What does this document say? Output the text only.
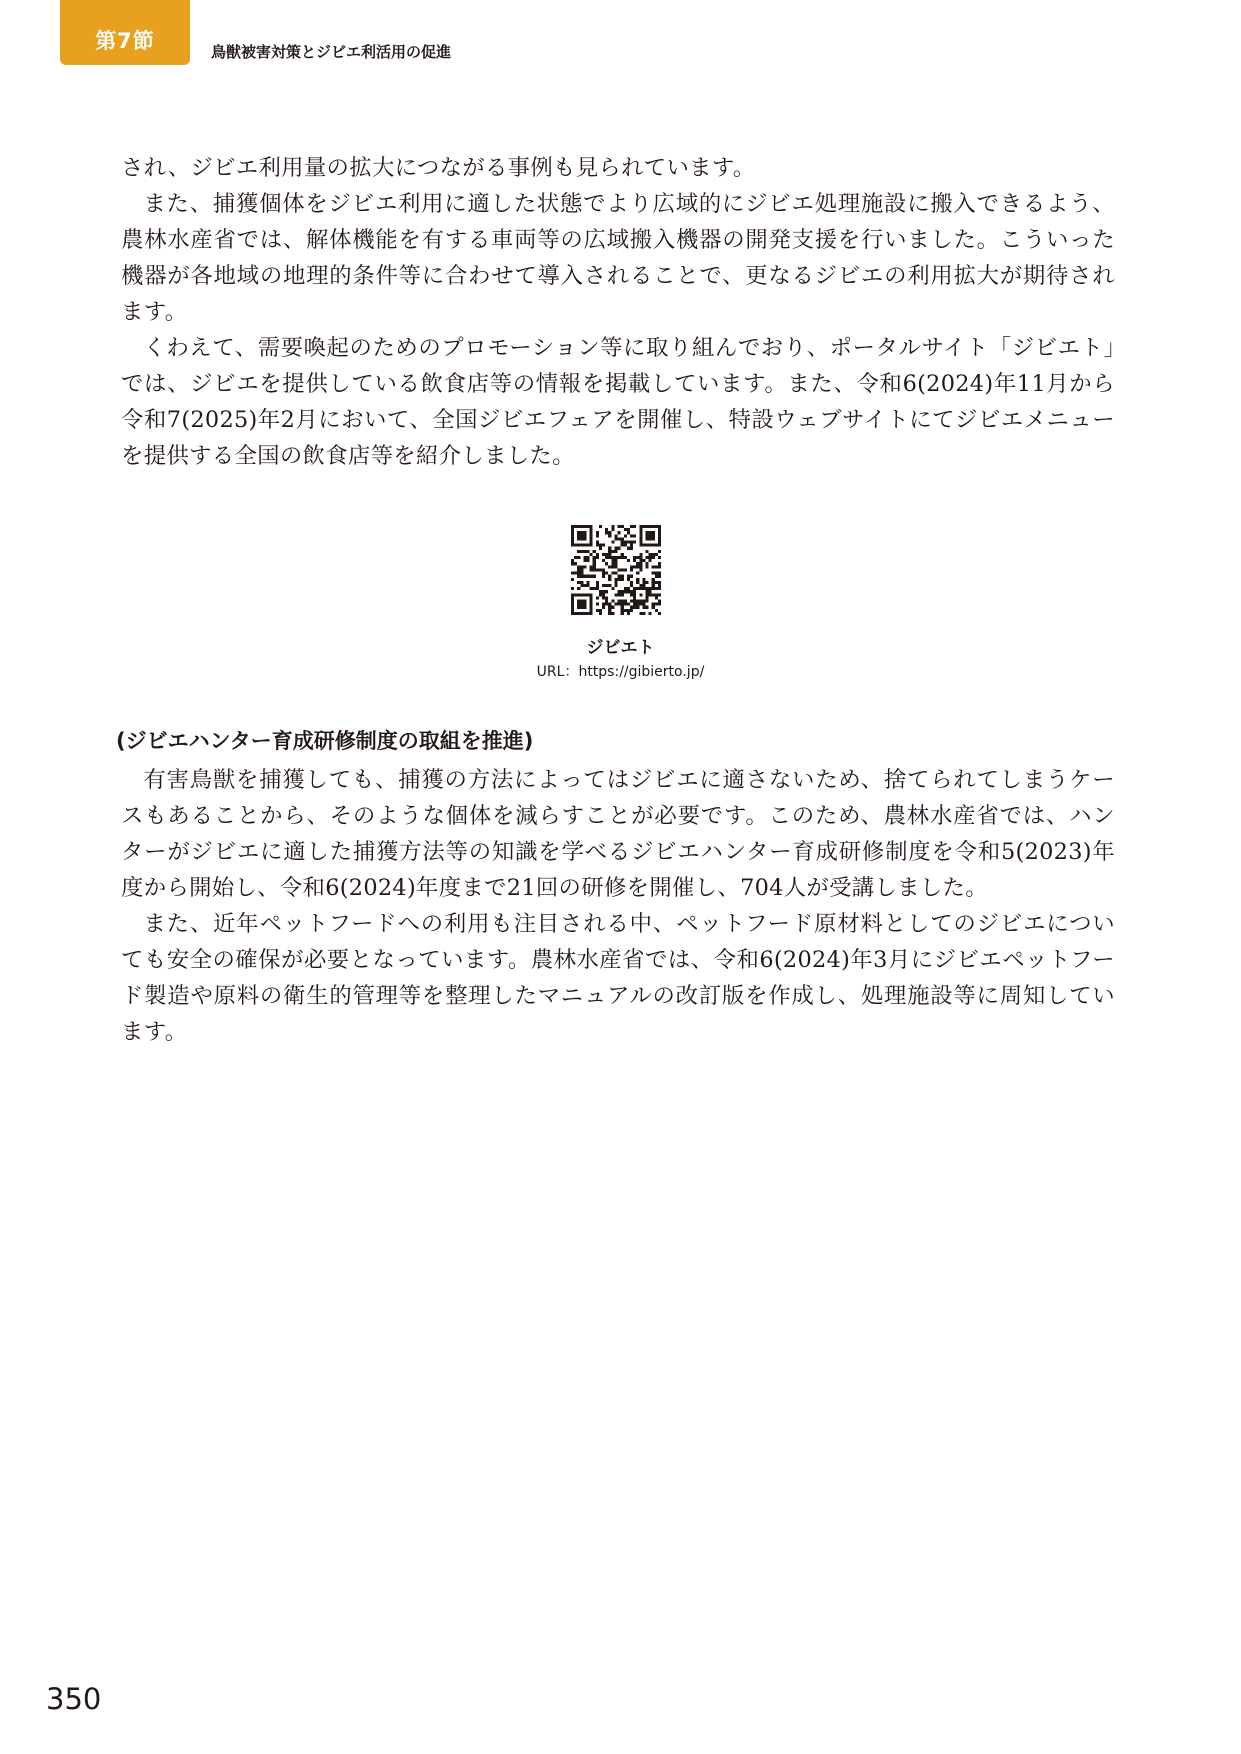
第7節	鳥獣被害対策とジビエ利活用の促進

され、ジビエ利用量の拡大につながる事例も見られています。

また、捕獲個体をジビエ利用に適した状態でより広域的にジビエ処理施設に搬入できるよう、農林水産省では、解体機能を有する車両等の広域搬入機器の開発支援を行いました。こういった機器が各地域の地理的条件等に合わせて導入されることで、更なるジビエの利用拡大が期待されます。

くわえて、需要喚起のためのプロモーション等に取り組んでおり、ポータルサイト「ジビエト」では、ジビエを提供している飲食店等の情報を掲載しています。また、令和6(2024)年11月から令和7(2025)年2月において、全国ジビエフェアを開催し、特設ウェブサイトにてジビエメニューを提供する全国の飲食店等を紹介しました。

ジビエト
URL：https://gibierto.jp/
(ジビエハンター育成研修制度の取組を推進)

有害鳥獣を捕獲しても、捕獲の方法によってはジビエに適さないため、捨てられてしまうケースもあることから、そのような個体を減らすことが必要です。このため、農林水産省では、ハンターがジビエに適した捕獲方法等の知識を学べるジビエハンター育成研修制度を令和5(2023)年度から開始し、令和6(2024)年度まで21回の研修を開催し、704人が受講しました。

また、近年ペットフードへの利用も注目される中、ペットフード原材料としてのジビエについても安全の確保が必要となっています。農林水産省では、令和6(2024)年3月にジビエペットフード製造や原料の衛生的管理等を整理したマニュアルの改訂版を作成し、処理施設等に周知しています。

350
